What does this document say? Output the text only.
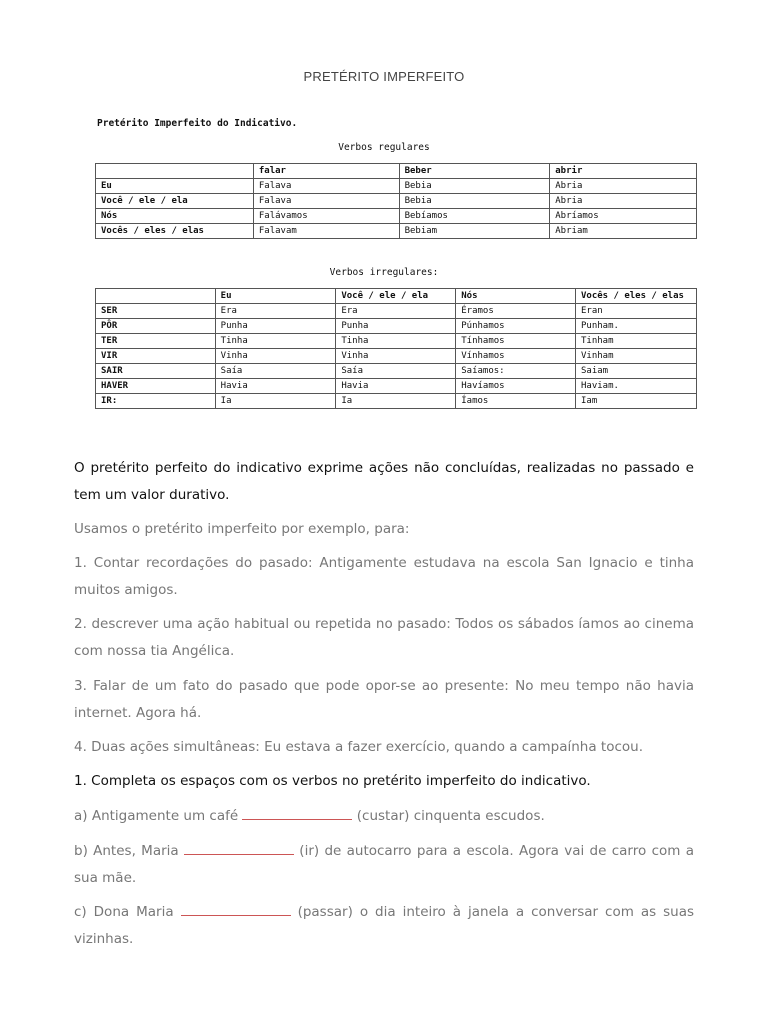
PRETÉRITO IMPERFEITO
Pretérito Imperfeito do Indicativo.
Verbos regulares
	falar	Beber	abrir
Eu	Falava	Bebia	Abria
Você / ele / ela	Falava	Bebia	Abria
Nós	Falávamos	Bebíamos	Abríamos
Vocês / eles / elas	Falavam	Bebiam	Abriam
Verbos irregulares:
	Eu	Você / ele / ela	Nós	Vocês / eles / elas
SER	Era	Era	Éramos	Eran
PÔR	Punha	Punha	Púnhamos	Punham.
TER	Tinha	Tinha	Tínhamos	Tinham
VIR	Vinha	Vinha	Vínhamos	Vinham
SAIR	Saía	Saía	Saíamos:	Saiam
HAVER	Havia	Havia	Havíamos	Haviam.
IR:	Ia	Ia	Íamos	Iam
O pretérito perfeito do indicativo exprime ações não concluídas, realizadas no passado e tem um valor durativo.
Usamos o pretérito imperfeito por exemplo, para:
1. Contar recordações do pasado: Antigamente estudava na escola San Ignacio e tinha muitos amigos.
2. descrever uma ação habitual ou repetida no pasado: Todos os sábados íamos ao cinema com nossa tia Angélica.
3. Falar de um fato do pasado que pode opor-se ao presente: No meu tempo não havia internet. Agora há.
4. Duas ações simultâneas: Eu estava a fazer exercício, quando a campaínha tocou.
1. Completa os espaços com os verbos no pretérito imperfeito do indicativo.
a) Antigamente um café	(custar) cinquenta escudos.
b) Antes, Maria	(ir) de autocarro para a escola. Agora vai de carro com a sua mãe.
c) Dona Maria	(passar) o dia inteiro à janela a conversar com as suas vizinhas.
